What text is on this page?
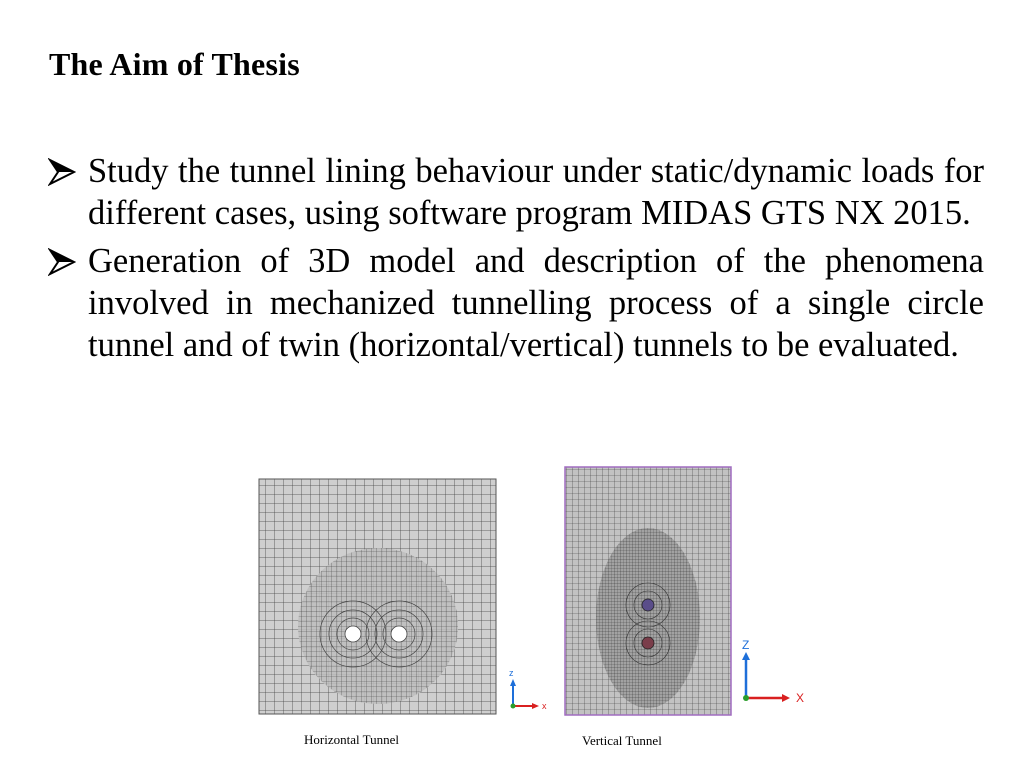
The Aim of Thesis
Study the tunnel lining behaviour under static/dynamic loads for different cases, using software program MIDAS GTS NX 2015.
Generation of 3D model and description of the phenomena involved in mechanized tunnelling process of a single circle tunnel and of twin (horizontal/vertical) tunnels to be evaluated.
z
x
Horizontal Tunnel
Z
X
Vertical Tunnel
